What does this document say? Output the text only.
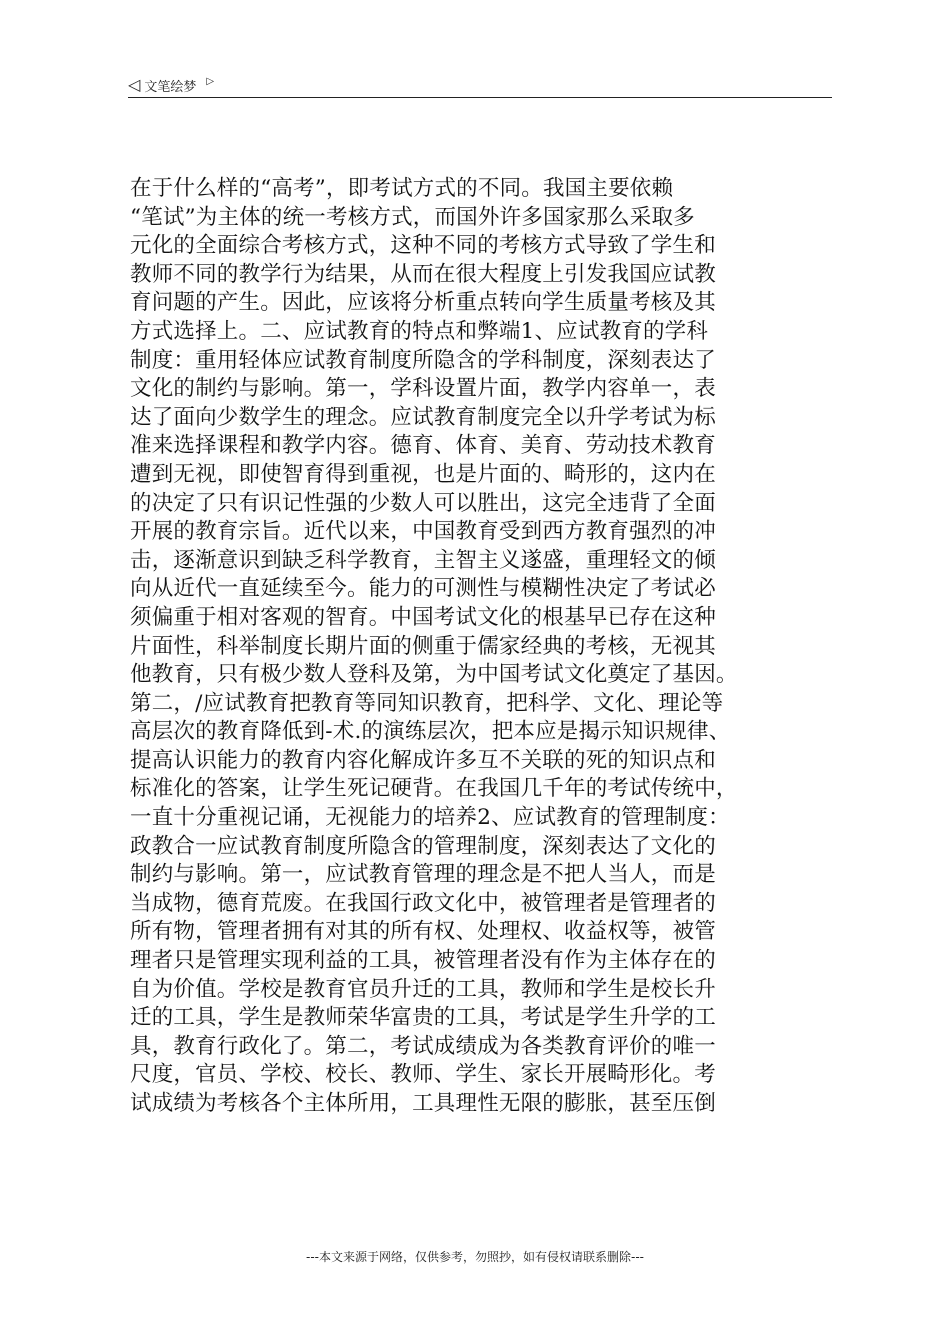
◁ 文笔绘梦 ▷
在于什么样的“高考”，即考试方式的不同。我国主要依赖
“笔试”为主体的统一考核方式，而国外许多国家那么采取多
元化的全面综合考核方式，这种不同的考核方式导致了学生和
教师不同的教学行为结果，从而在很大程度上引发我国应试教
育问题的产生。因此，应该将分析重点转向学生质量考核及其
方式选择上。二、应试教育的特点和弊端1、应试教育的学科
制度：重用轻体应试教育制度所隐含的学科制度，深刻表达了
文化的制约与影响。第一，学科设置片面，教学内容单一，表
达了面向少数学生的理念。应试教育制度完全以升学考试为标
准来选择课程和教学内容。德育、体育、美育、劳动技术教育
遭到无视，即使智育得到重视，也是片面的、畸形的，这内在
的决定了只有识记性强的少数人可以胜出，这完全违背了全面
开展的教育宗旨。近代以来，中国教育受到西方教育强烈的冲
击，逐渐意识到缺乏科学教育，主智主义遂盛，重理轻文的倾
向从近代一直延续至今。能力的可测性与模糊性决定了考试必
须偏重于相对客观的智育。中国考试文化的根基早已存在这种
片面性，科举制度长期片面的侧重于儒家经典的考核，无视其
他教育，只有极少数人登科及第，为中国考试文化奠定了基因。
第二，/应试教育把教育等同知识教育，把科学、文化、理论等
高层次的教育降低到-术.的演练层次，把本应是揭示知识规律、
提高认识能力的教育内容化解成许多互不关联的死的知识点和
标准化的答案，让学生死记硬背。在我国几千年的考试传统中，
一直十分重视记诵，无视能力的培养2、应试教育的管理制度：
政教合一应试教育制度所隐含的管理制度，深刻表达了文化的
制约与影响。第一，应试教育管理的理念是不把人当人，而是
当成物，德育荒废。在我国行政文化中，被管理者是管理者的
所有物，管理者拥有对其的所有权、处理权、收益权等，被管
理者只是管理实现利益的工具，被管理者没有作为主体存在的
自为价值。学校是教育官员升迁的工具，教师和学生是校长升
迁的工具，学生是教师荣华富贵的工具，考试是学生升学的工
具，教育行政化了。第二，考试成绩成为各类教育评价的唯一
尺度，官员、学校、校长、教师、学生、家长开展畸形化。考
试成绩为考核各个主体所用，工具理性无限的膨胀，甚至压倒
---本文来源于网络，仅供参考，勿照抄，如有侵权请联系删除---
